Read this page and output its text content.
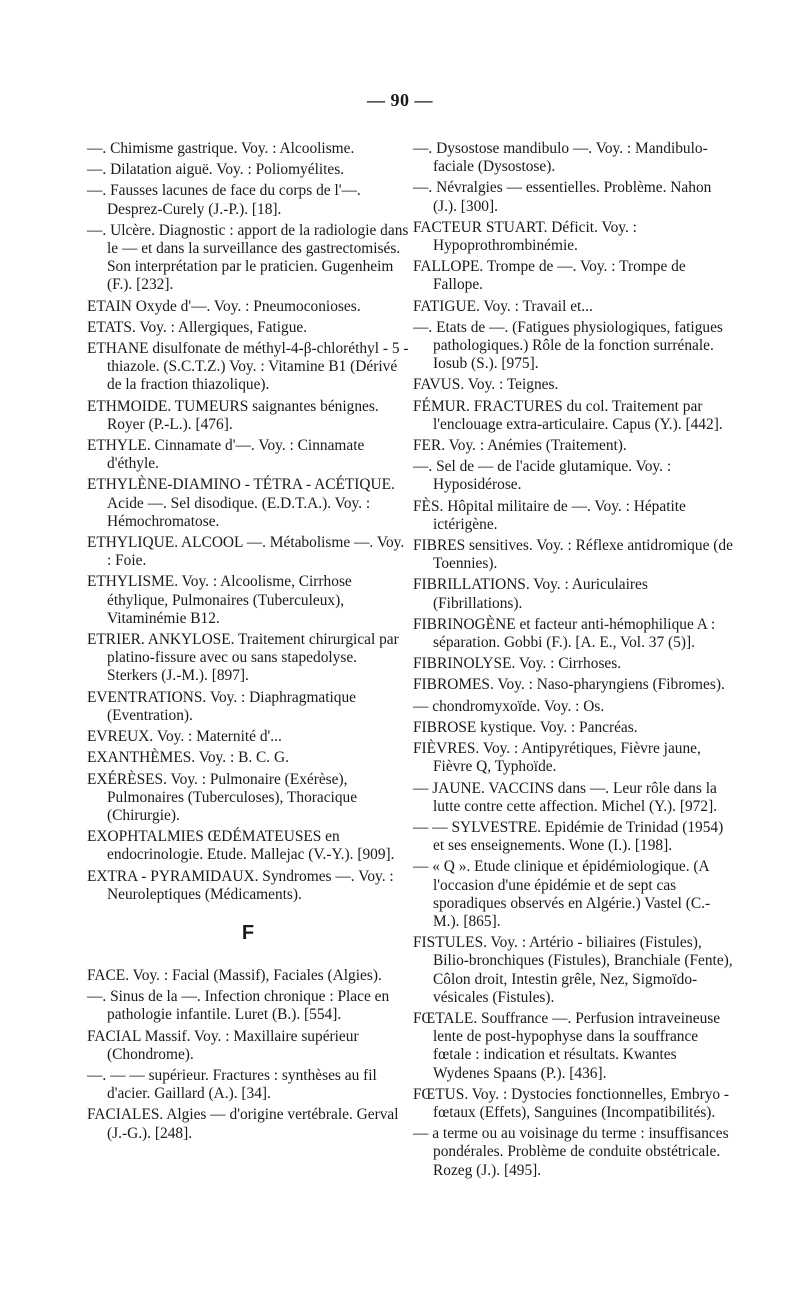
— 90 —

—. Chimisme gastrique. Voy. : Alcoolisme.

—. Dilatation aiguë. Voy. : Poliomyélites.

—. Fausses lacunes de face du corps de l'—. Desprez-Curely (J.-P.). [18].

—. Ulcère. Diagnostic : apport de la radiologie dans le — et dans la surveillance des gastrectomisés. Son interprétation par le praticien. Gugenheim (F.). [232].

ETAIN Oxyde d'—. Voy. : Pneumoconioses.

ETATS. Voy. : Allergiques, Fatigue.

ETHANE disulfonate de méthyl-4-β-chloréthyl - 5 - thiazole. (S.C.T.Z.) Voy. : Vitamine B1 (Dérivé de la fraction thiazolique).

ETHMOIDE. TUMEURS saignantes bénignes. Royer (P.-L.). [476].

ETHYLE. Cinnamate d'—. Voy. : Cinnamate d'éthyle.

ETHYLÈNE-DIAMINO - TÉTRA - ACÉTIQUE. Acide —. Sel disodique. (E.D.T.A.). Voy. : Hémochromatose.

ETHYLIQUE. ALCOOL —. Métabolisme —. Voy. : Foie.

ETHYLISME. Voy. : Alcoolisme, Cirrhose éthylique, Pulmonaires (Tuberculeux), Vitaminémie B12.

ETRIER. ANKYLOSE. Traitement chirurgical par platino-fissure avec ou sans stapedolyse. Sterkers (J.-M.). [897].

EVENTRATIONS. Voy. : Diaphragmatique (Eventration).

EVREUX. Voy. : Maternité d'...

EXANTHÈMES. Voy. : B. C. G.

EXÉRÈSES. Voy. : Pulmonaire (Exérèse), Pulmonaires (Tuberculoses), Thoracique (Chirurgie).

EXOPHTALMIES ŒDÉMATEUSES en endocrinologie. Etude. Mallejac (V.-Y.). [909].

EXTRA - PYRAMIDAUX. Syndromes —. Voy. : Neuroleptiques (Médicaments).

F

FACE. Voy. : Facial (Massif), Faciales (Algies).

—. Sinus de la —. Infection chronique : Place en pathologie infantile. Luret (B.). [554].

FACIAL Massif. Voy. : Maxillaire supérieur (Chondrome).

—. — — supérieur. Fractures : synthèses au fil d'acier. Gaillard (A.). [34].

FACIALES. Algies — d'origine vertébrale. Gerval (J.-G.). [248].

—. Dysostose mandibulo —. Voy. : Mandibulo-faciale (Dysostose).

—. Névralgies — essentielles. Problème. Nahon (J.). [300].

FACTEUR STUART. Déficit. Voy. : Hypoprothrombinémie.

FALLOPE. Trompe de —. Voy. : Trompe de Fallope.

FATIGUE. Voy. : Travail et...

—. Etats de —. (Fatigues physiologiques, fatigues pathologiques.) Rôle de la fonction surrénale. Iosub (S.). [975].

FAVUS. Voy. : Teignes.

FÉMUR. FRACTURES du col. Traitement par l'enclouage extra-articulaire. Capus (Y.). [442].

FER. Voy. : Anémies (Traitement).

—. Sel de — de l'acide glutamique. Voy. : Hyposidérose.

FÈS. Hôpital militaire de —. Voy. : Hépatite ictérigène.

FIBRES sensitives. Voy. : Réflexe antidromique (de Toennies).

FIBRILLATIONS. Voy. : Auriculaires (Fibrillations).

FIBRINOGÈNE et facteur anti-hémophilique A : séparation. Gobbi (F.). [A. E., Vol. 37 (5)].

FIBRINOLYSE. Voy. : Cirrhoses.

FIBROMES. Voy. : Naso-pharyngiens (Fibromes).

— chondromyxoïde. Voy. : Os.

FIBROSE kystique. Voy. : Pancréas.

FIÈVRES. Voy. : Antipyrétiques, Fièvre jaune, Fièvre Q, Typhoïde.

— JAUNE. VACCINS dans —. Leur rôle dans la lutte contre cette affection. Michel (Y.). [972].

— — SYLVESTRE. Epidémie de Trinidad (1954) et ses enseignements. Wone (I.). [198].

— « Q ». Etude clinique et épidémiologique. (A l'occasion d'une épidémie et de sept cas sporadiques observés en Algérie.) Vastel (C.-M.). [865].

FISTULES. Voy. : Artério - biliaires (Fistules), Bilio-bronchiques (Fistules), Branchiale (Fente), Côlon droit, Intestin grêle, Nez, Sigmoïdo-vésicales (Fistules).

FŒTALE. Souffrance —. Perfusion intraveineuse lente de post-hypophyse dans la souffrance fœtale : indication et résultats. Kwantes Wydenes Spaans (P.). [436].

FŒTUS. Voy. : Dystocies fonctionnelles, Embryo - fœtaux (Effets), Sanguines (Incompatibilités).

— a terme ou au voisinage du terme : insuffisances pondérales. Problème de conduite obstétricale. Rozeg (J.). [495].
